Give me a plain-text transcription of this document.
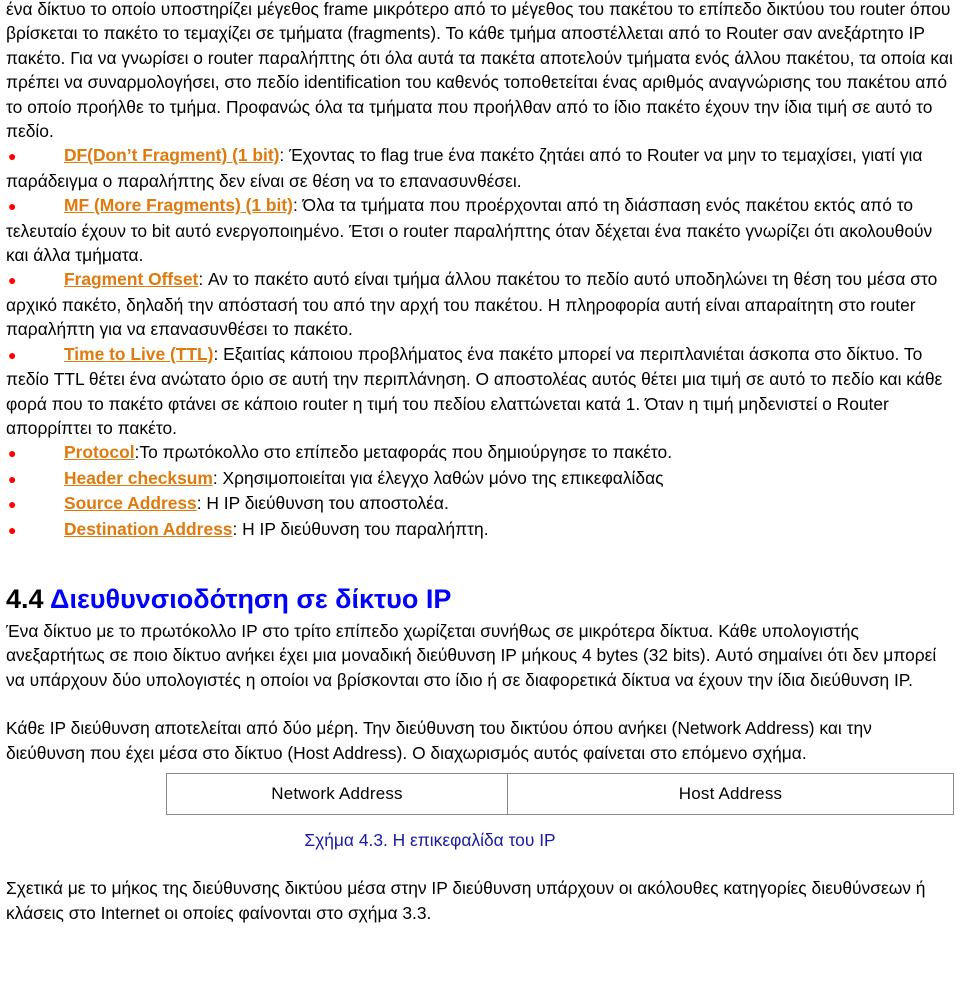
ένα δίκτυο το οποίο υποστηρίζει μέγεθος frame μικρότερο από το μέγεθος του πακέτου το επίπεδο δικτύου του router όπου βρίσκεται το πακέτο το τεμαχίζει σε τμήματα (fragments). Το κάθε τμήμα αποστέλλεται από το Router σαν ανεξάρτητο IP πακέτο. Για να γνωρίσει ο router παραλήπτης ότι όλα αυτά τα πακέτα αποτελούν τμήματα ενός άλλου πακέτου, τα οποία και πρέπει να συναρμολογήσει, στο πεδίο identification του καθενός τοποθετείται ένας αριθμός αναγνώρισης του πακέτου από το οποίο προήλθε το τμήμα. Προφανώς όλα τα τμήματα που προήλθαν από το ίδιο πακέτο έχουν την ίδια τιμή σε αυτό το πεδίο.

●	DF(Don’t Fragment) (1 bit): Έχοντας το flag true ένα πακέτο ζητάει από το Router να μην το τεμαχίσει, γιατί για παράδειγμα ο παραλήπτης δεν είναι σε θέση να το επανασυνθέσει.

●	MF (More Fragments) (1 bit): Όλα τα τμήματα που προέρχονται από τη διάσπαση ενός πακέτου εκτός από το τελευταίο έχουν το bit αυτό ενεργοποιημένο. Έτσι ο router παραλήπτης όταν δέχεται ένα πακέτο γνωρίζει ότι ακολουθούν και άλλα τμήματα.

●	Fragment Offset: Αν το πακέτο αυτό είναι τμήμα άλλου πακέτου το πεδίο αυτό υποδηλώνει τη θέση του μέσα στο αρχικό πακέτο, δηλαδή την απόστασή του από την αρχή του πακέτου. Η πληροφορία αυτή είναι απαραίτητη στο router παραλήπτη για να επανασυνθέσει το πακέτο.

●	Time to Live (TTL): Εξαιτίας κάποιου προβλήματος ένα πακέτο μπορεί να περιπλανιέται άσκοπα στο δίκτυο. Το πεδίο TTL θέτει ένα ανώτατο όριο σε αυτή την περιπλάνηση. Ο αποστολέας αυτός θέτει μια τιμή σε αυτό το πεδίο και κάθε φορά που το πακέτο φτάνει σε κάποιο router η τιμή του πεδίου ελαττώνεται κατά 1. Όταν η τιμή μηδενιστεί ο Router απορρίπτει το πακέτο.

●	Protocol:Το πρωτόκολλο στο επίπεδο μεταφοράς που δημιούργησε το πακέτο.

●	Header checksum: Χρησιμοποιείται για έλεγχο λαθών μόνο της επικεφαλίδας

●	Source Address: Η IP διεύθυνση του αποστολέα.

●	Destination Address: Η IP διεύθυνση του παραλήπτη.

4.4 Διευθυνσιοδότηση σε δίκτυο IP

Ένα δίκτυο με το πρωτόκολλο IP στο τρίτο επίπεδο χωρίζεται συνήθως σε μικρότερα δίκτυα. Κάθε υπολογιστής ανεξαρτήτως σε ποιο δίκτυο ανήκει έχει μια μοναδική διεύθυνση IP μήκους 4 bytes (32 bits). Αυτό σημαίνει ότι δεν μπορεί να υπάρχουν δύο υπολογιστές η οποίοι να βρίσκονται στο ίδιο ή σε διαφορετικά δίκτυα να έχουν την ίδια διεύθυνση IP.

Κάθε IP διεύθυνση αποτελείται από δύο μέρη. Την διεύθυνση του δικτύου όπου ανήκει (Network Address) και την διεύθυνση που έχει μέσα στο δίκτυο (Host Address). Ο διαχωρισμός αυτός φαίνεται στο επόμενο σχήμα.

Network Address	Host Address

Σχήμα 4.3. Η επικεφαλίδα του IP

Σχετικά με το μήκος της διεύθυνσης δικτύου μέσα στην IP διεύθυνση υπάρχουν οι ακόλουθες κατηγορίες διευθύνσεων ή κλάσεις στο Internet οι οποίες φαίνονται στο σχήμα 3.3.
